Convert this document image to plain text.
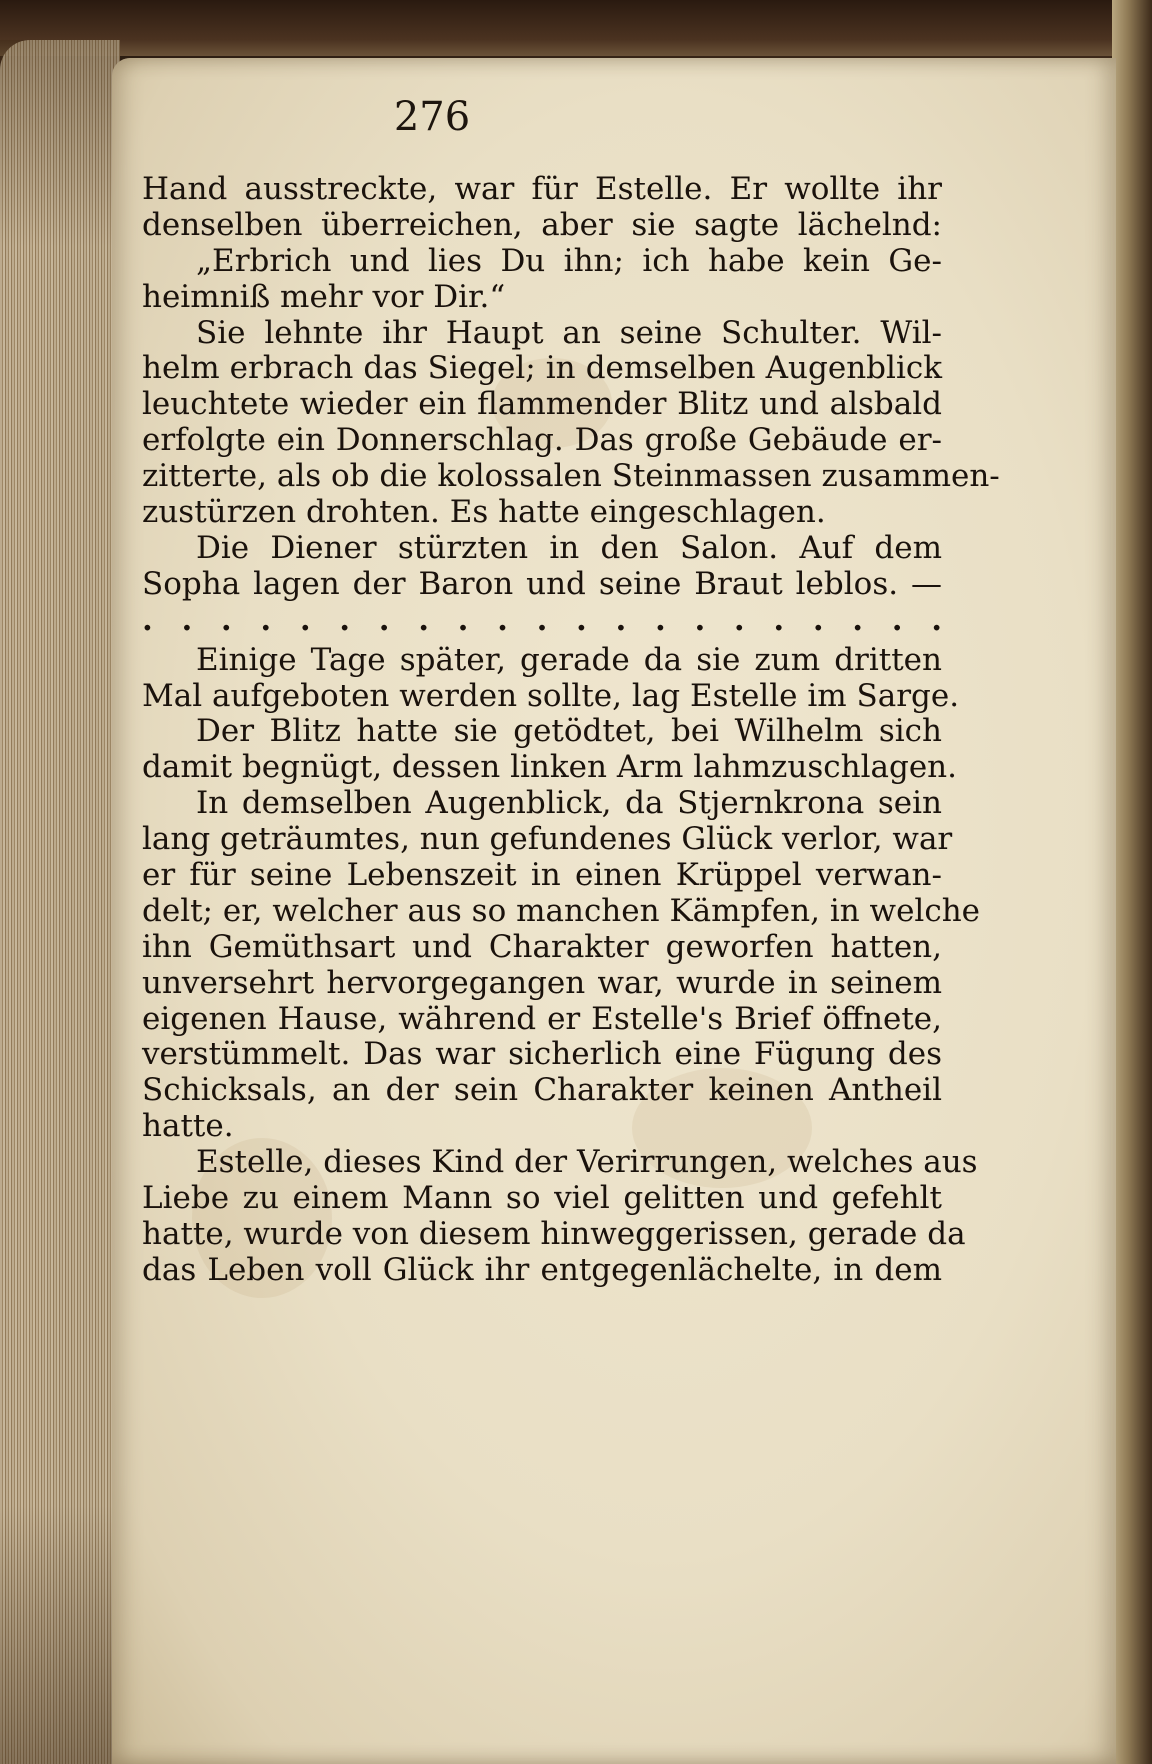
276
Hand ausstreckte, war für Estelle. Er wollte ihr
denselben überreichen, aber sie sagte lächelnd:
„Erbrich und lies Du ihn; ich habe kein Ge-
heimniß mehr vor Dir.“
Sie lehnte ihr Haupt an seine Schulter. Wil-
helm erbrach das Siegel; in demselben Augenblick
leuchtete wieder ein flammender Blitz und alsbald
erfolgte ein Donnerschlag. Das große Gebäude er-
zitterte, als ob die kolossalen Steinmassen zusammen-
zustürzen drohten. Es hatte eingeschlagen.
Die Diener stürzten in den Salon. Auf dem
Sopha lagen der Baron und seine Braut leblos. —
. . . . . . . . . . . . . . . . . . . . .
Einige Tage später, gerade da sie zum dritten
Mal aufgeboten werden sollte, lag Estelle im Sarge.
Der Blitz hatte sie getödtet, bei Wilhelm sich
damit begnügt, dessen linken Arm lahmzuschlagen.
In demselben Augenblick, da Stjernkrona sein
lang geträumtes, nun gefundenes Glück verlor, war
er für seine Lebenszeit in einen Krüppel verwan-
delt; er, welcher aus so manchen Kämpfen, in welche
ihn Gemüthsart und Charakter geworfen hatten,
unversehrt hervorgegangen war, wurde in seinem
eigenen Hause, während er Estelle's Brief öffnete,
verstümmelt. Das war sicherlich eine Fügung des
Schicksals, an der sein Charakter keinen Antheil
hatte.
Estelle, dieses Kind der Verirrungen, welches aus
Liebe zu einem Mann so viel gelitten und gefehlt
hatte, wurde von diesem hinweggerissen, gerade da
das Leben voll Glück ihr entgegenlächelte, in dem
